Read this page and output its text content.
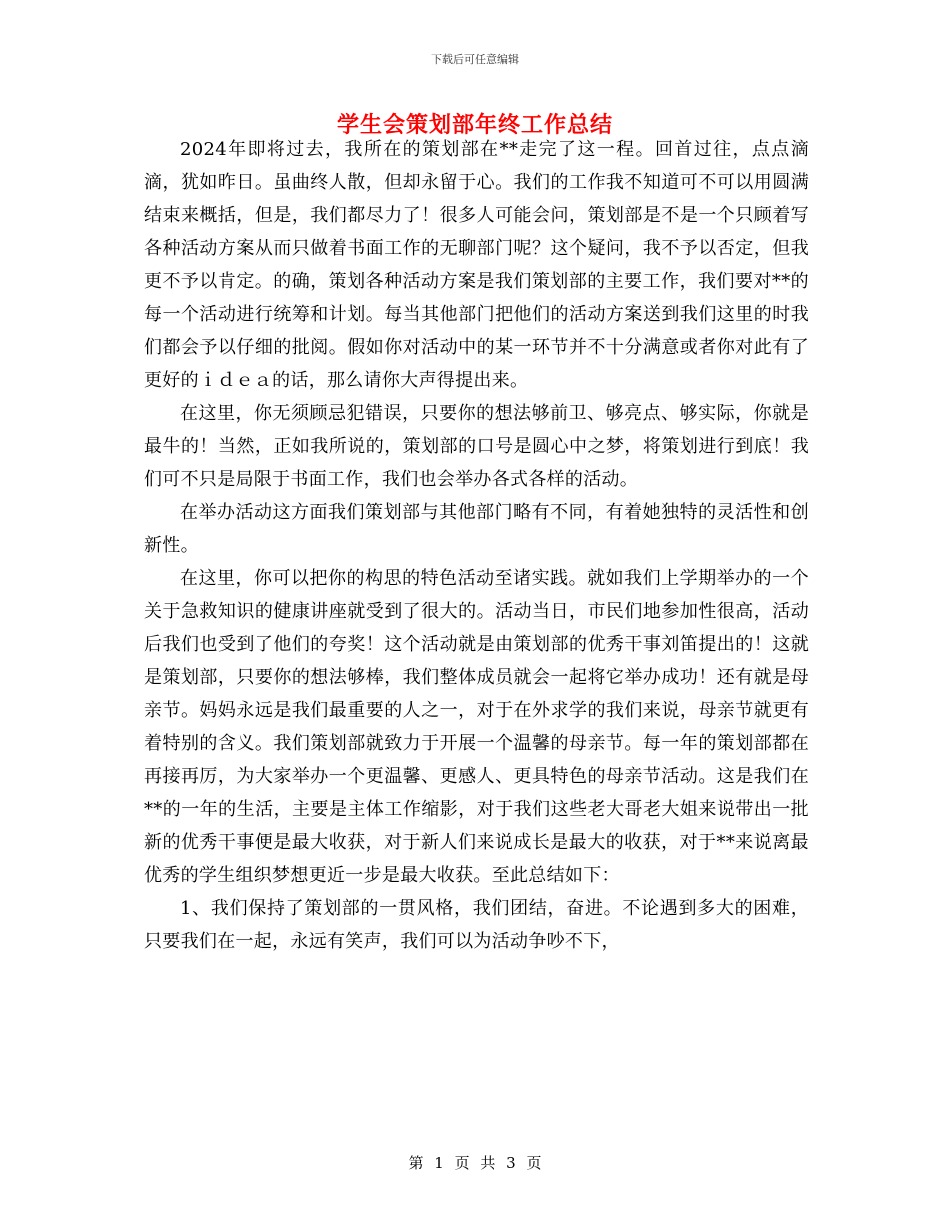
下载后可任意编辑
学生会策划部年终工作总结

2024年即将过去，我所在的策划部在**走完了这一程。回首过往，点点滴滴，犹如昨日。虽曲终人散，但却永留于心。我们的工作我不知道可不可以用圆满结束来概括，但是，我们都尽力了！很多人可能会问，策划部是不是一个只顾着写各种活动方案从而只做着书面工作的无聊部门呢？这个疑问，我不予以否定，但我更不予以肯定。的确，策划各种活动方案是我们策划部的主要工作，我们要对**的每一个活动进行统筹和计划。每当其他部门把他们的活动方案送到我们这里的时我们都会予以仔细的批阅。假如你对活动中的某一环节并不十分满意或者你对此有了更好的ｉｄｅａ的话，那么请你大声得提出来。

在这里，你无须顾忌犯错误，只要你的想法够前卫、够亮点、够实际，你就是最牛的！当然，正如我所说的，策划部的口号是圆心中之梦，将策划进行到底！我们可不只是局限于书面工作，我们也会举办各式各样的活动。

在举办活动这方面我们策划部与其他部门略有不同，有着她独特的灵活性和创新性。

在这里，你可以把你的构思的特色活动至诸实践。就如我们上学期举办的一个关于急救知识的健康讲座就受到了很大的。活动当日，市民们地参加性很高，活动后我们也受到了他们的夸奖！这个活动就是由策划部的优秀干事刘笛提出的！这就是策划部，只要你的想法够棒，我们整体成员就会一起将它举办成功！还有就是母亲节。妈妈永远是我们最重要的人之一，对于在外求学的我们来说，母亲节就更有着特别的含义。我们策划部就致力于开展一个温馨的母亲节。每一年的策划部都在再接再厉，为大家举办一个更温馨、更感人、更具特色的母亲节活动。这是我们在**的一年的生活，主要是主体工作缩影，对于我们这些老大哥老大姐来说带出一批新的优秀干事便是最大收获，对于新人们来说成长是最大的收获，对于**来说离最优秀的学生组织梦想更近一步是最大收获。至此总结如下：

1、我们保持了策划部的一贯风格，我们团结，奋进。不论遇到多大的困难，只要我们在一起，永远有笑声，我们可以为活动争吵不下，

第 1 页 共 3 页
